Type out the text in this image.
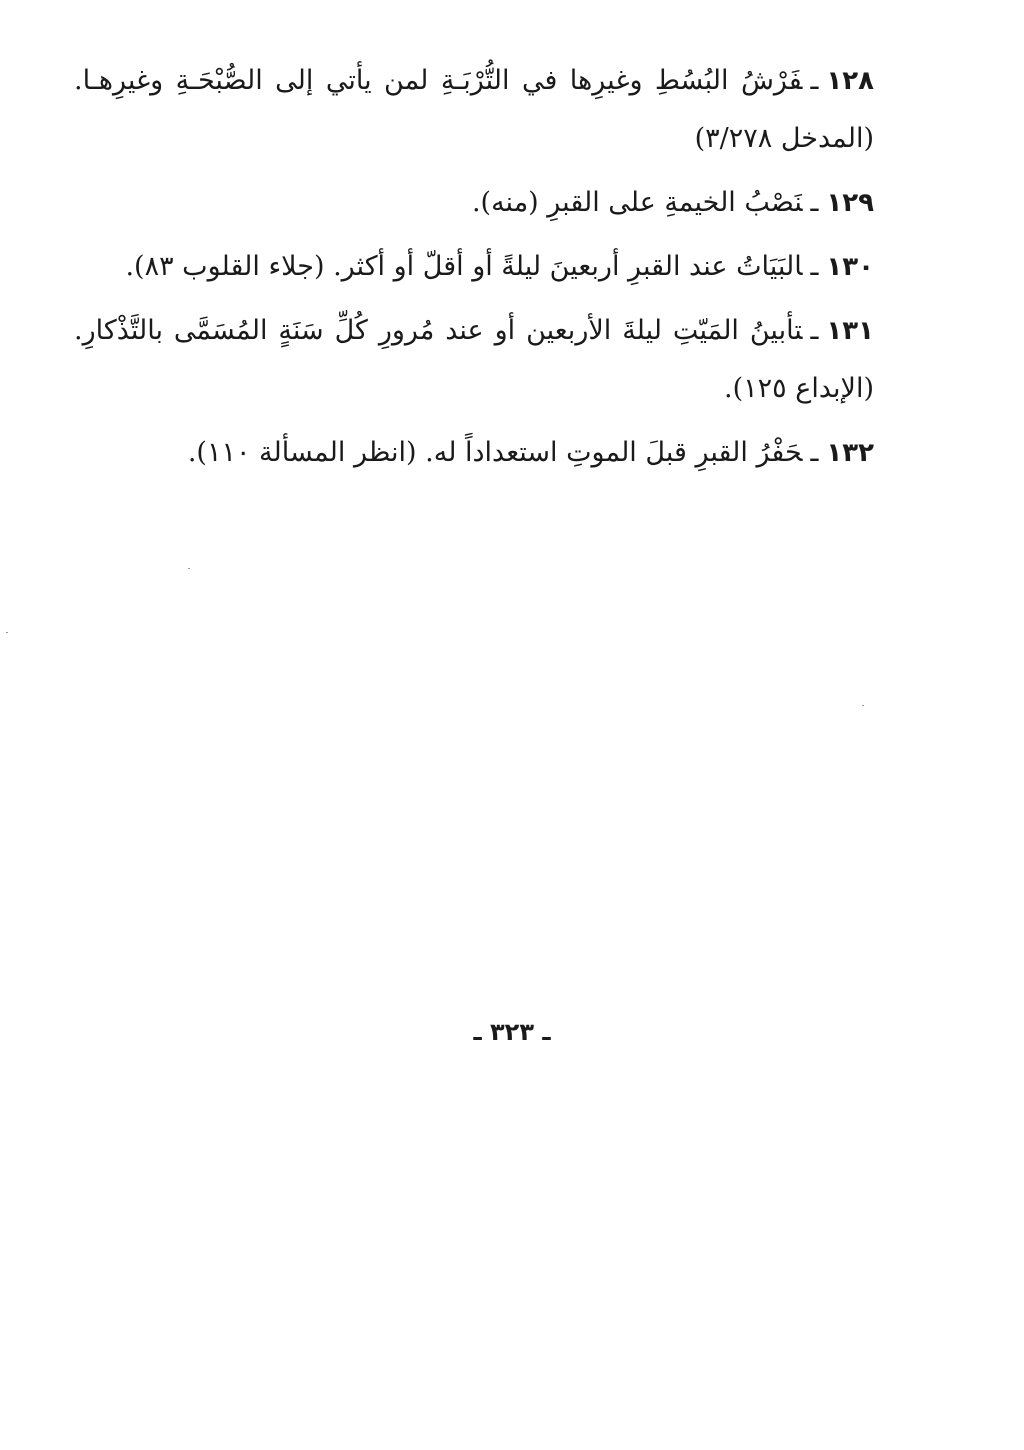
١٢٨ـفَرْشُ البُسُطِ وغيرِها في التُّرْبَـةِ لمن يأتي إلى الصُّبْحَـةِ وغيرِهـا. (المدخل ٣/٢٧٨)

١٢٩ـنَصْبُ الخيمةِ على القبرِ (منه).

١٣٠ـالبَيَاتُ عند القبرِ أربعينَ ليلةً أو أقلّ أو أكثر. (جلاء القلوب ٨٣).

١٣١ـتأبينُ المَيّتِ ليلةَ الأربعين أو عند مُرورِ كُلِّ سَنَةٍ المُسَمَّى بالتَّذْكارِ. (الإبداع ١٢٥).

١٣٢ـحَفْرُ القبرِ قبلَ الموتِ استعداداً له. (انظر المسألة ١١٠).

ـ ٣٢٣ ـ
